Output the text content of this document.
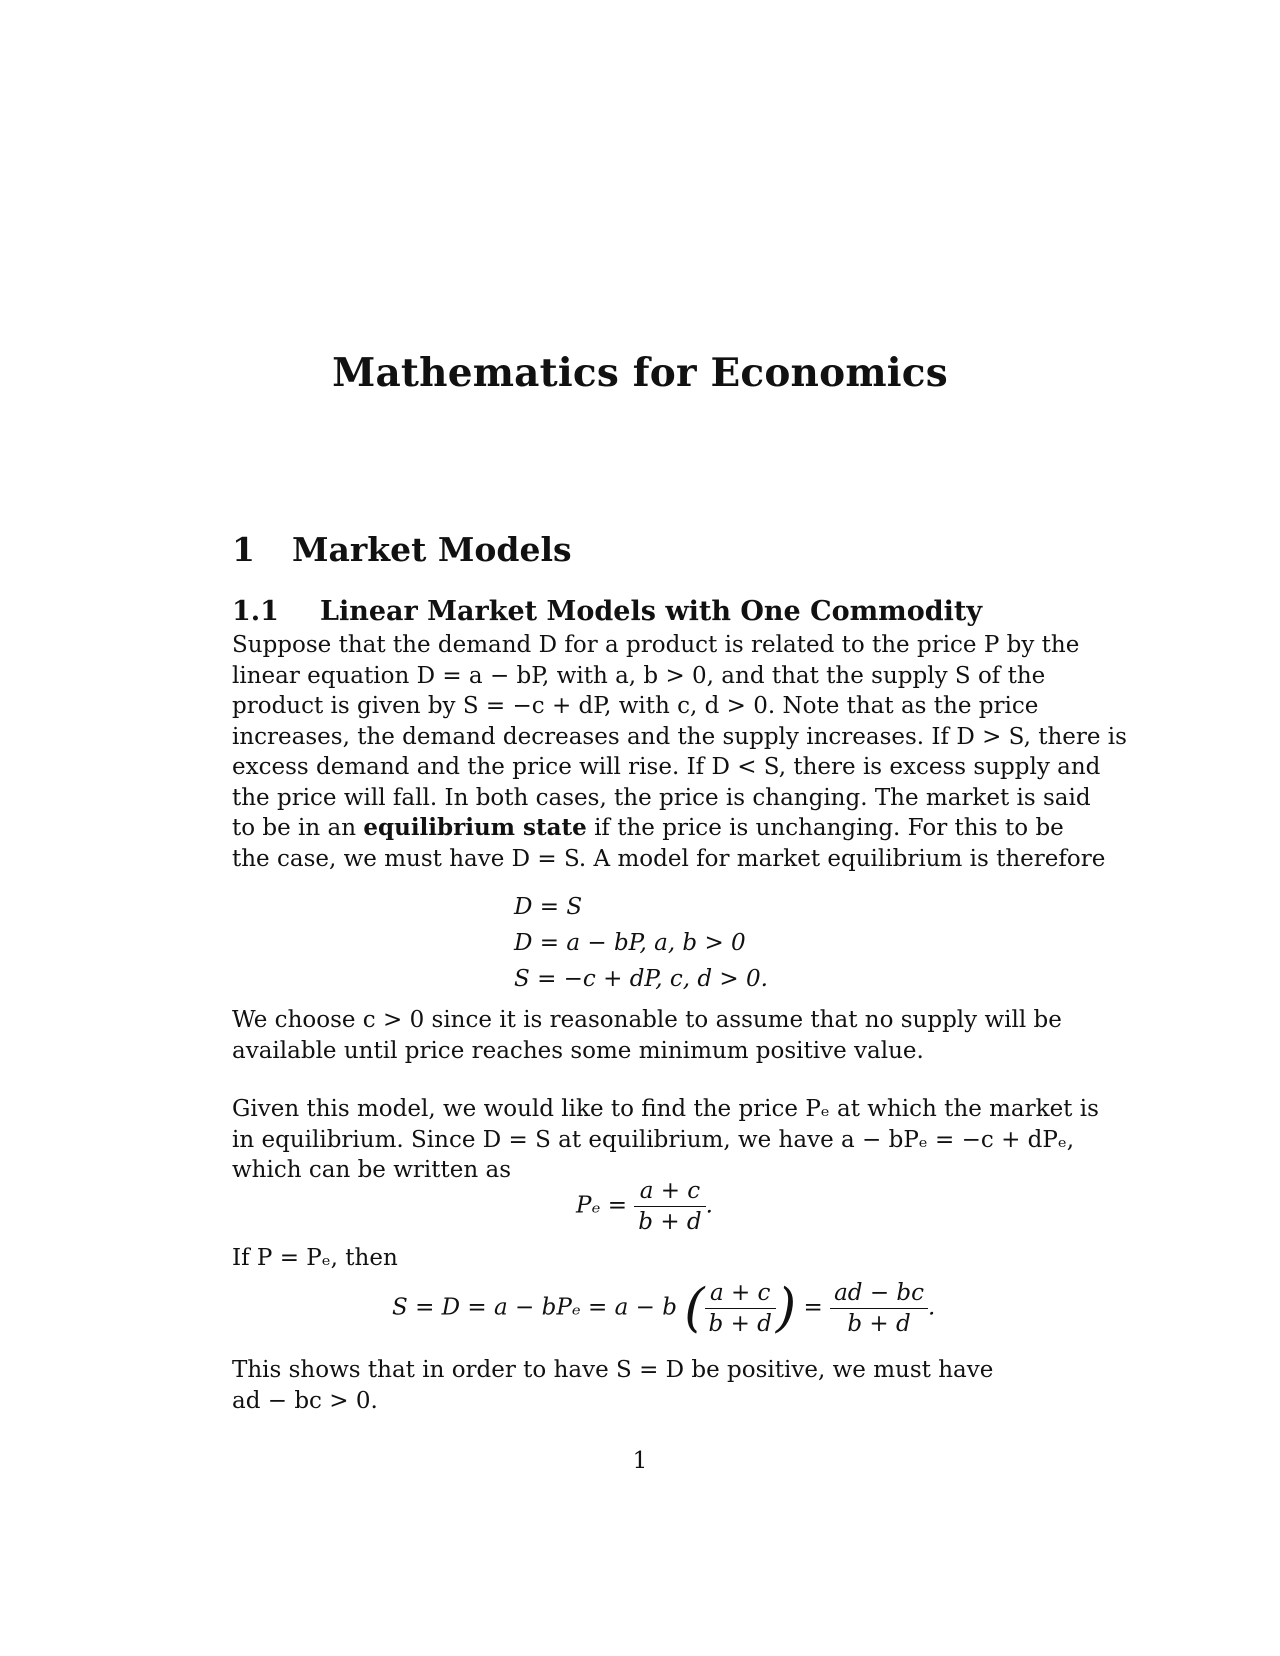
Mathematics for Economics
1 Market Models
1.1 Linear Market Models with One Commodity

Suppose that the demand D for a product is related to the price P by the

linear equation D = a − bP, with a, b > 0, and that the supply S of the

product is given by S = −c + dP, with c, d > 0. Note that as the price

increases, the demand decreases and the supply increases. If D > S, there is

excess demand and the price will rise. If D < S, there is excess supply and

the price will fall. In both cases, the price is changing. The market is said

to be in an equilibrium state if the price is unchanging. For this to be

the case, we must have D = S. A model for market equilibrium is therefore

D = S
D = a − bP, a, b > 0
S = −c + dP, c, d > 0.

We choose c > 0 since it is reasonable to assume that no supply will be

available until price reaches some minimum positive value.

Given this model, we would like to find the price Pₑ at which the market is

in equilibrium. Since D = S at equilibrium, we have a − bPₑ = −c + dPₑ,

which can be written as

$P_e = \frac{a + c}{b + d}$ .

If P = Pₑ, then

S = D = a − bPₑ = a − b ( $\frac{a + c}{b + d}$ ) = $\frac{ad - bc}{b + d}$ .

This shows that in order to have S = D be positive, we must have

ad − bc > 0.

1
